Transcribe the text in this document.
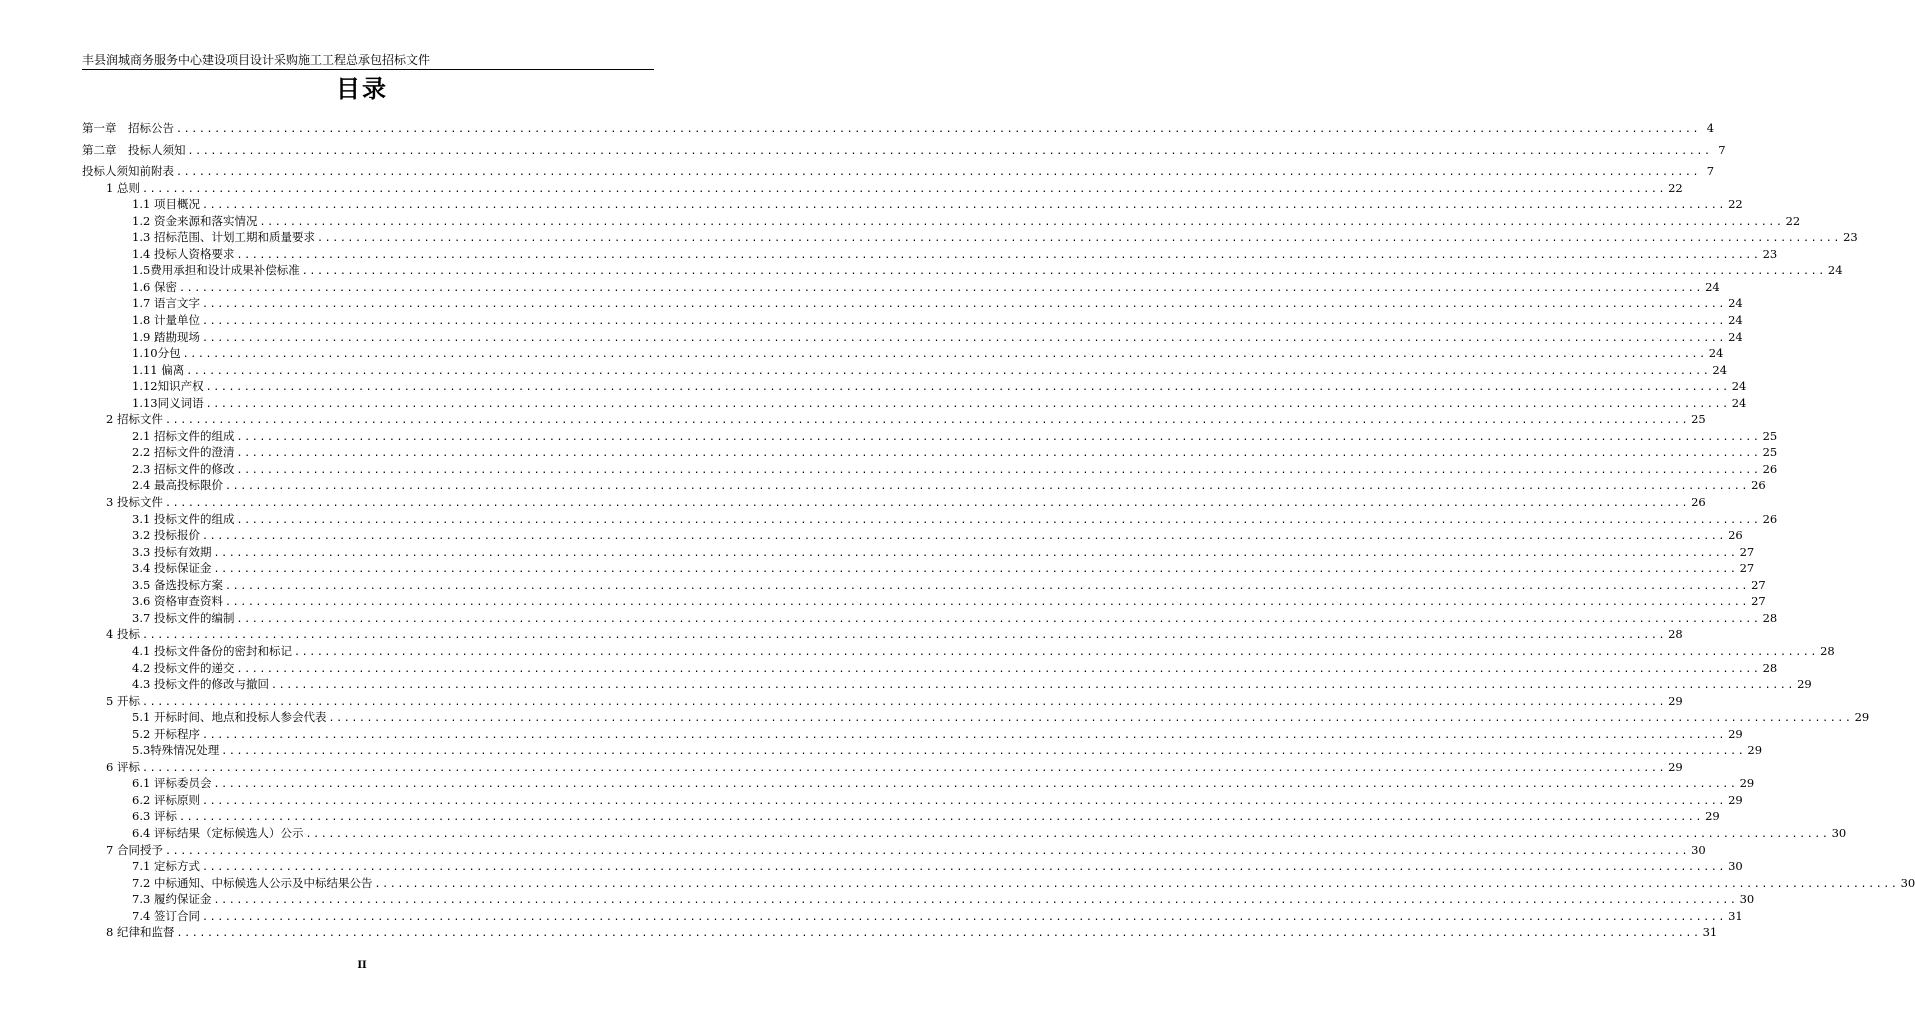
丰县润城商务服务中心建设项目设计采购施工工程总承包招标文件
目录
第一章　招标公告 ........................................................................................................................................................................................................ 4
第二章　投标人须知 ........................................................................................................................................................................................................ 7
投标人须知前附表 ........................................................................................................................................................................................................ 7
1 总则 ........................................................................................................................................................................................................ 22
1.1 项目概况 ........................................................................................................................................................................................................ 22
1.2 资金来源和落实情况 ........................................................................................................................................................................................................ 22
1.3 招标范围、计划工期和质量要求 ........................................................................................................................................................................................................ 23
1.4 投标人资格要求 ........................................................................................................................................................................................................ 23
1.5费用承担和设计成果补偿标准 ........................................................................................................................................................................................................ 24
1.6 保密 ........................................................................................................................................................................................................ 24
1.7 语言文字 ........................................................................................................................................................................................................ 24
1.8 计量单位 ........................................................................................................................................................................................................ 24
1.9 踏勘现场 ........................................................................................................................................................................................................ 24
1.10分包 ........................................................................................................................................................................................................ 24
1.11 偏离 ........................................................................................................................................................................................................ 24
1.12知识产权 ........................................................................................................................................................................................................ 24
1.13同义词语 ........................................................................................................................................................................................................ 24
2 招标文件 ........................................................................................................................................................................................................ 25
2.1 招标文件的组成 ........................................................................................................................................................................................................ 25
2.2 招标文件的澄清 ........................................................................................................................................................................................................ 25
2.3 招标文件的修改 ........................................................................................................................................................................................................ 26
2.4 最高投标限价 ........................................................................................................................................................................................................ 26
3 投标文件 ........................................................................................................................................................................................................ 26
3.1 投标文件的组成 ........................................................................................................................................................................................................ 26
3.2 投标报价 ........................................................................................................................................................................................................ 26
3.3 投标有效期 ........................................................................................................................................................................................................ 27
3.4 投标保证金 ........................................................................................................................................................................................................ 27
3.5 备选投标方案 ........................................................................................................................................................................................................ 27
3.6 资格审查资料 ........................................................................................................................................................................................................ 27
3.7 投标文件的编制 ........................................................................................................................................................................................................ 28
4 投标 ........................................................................................................................................................................................................ 28
4.1 投标文件备份的密封和标记 ........................................................................................................................................................................................................ 28
4.2 投标文件的递交 ........................................................................................................................................................................................................ 28
4.3 投标文件的修改与撤回 ........................................................................................................................................................................................................ 29
5 开标 ........................................................................................................................................................................................................ 29
5.1 开标时间、地点和投标人参会代表 ........................................................................................................................................................................................................ 29
5.2 开标程序 ........................................................................................................................................................................................................ 29
5.3特殊情况处理 ........................................................................................................................................................................................................ 29
6 评标 ........................................................................................................................................................................................................ 29
6.1 评标委员会 ........................................................................................................................................................................................................ 29
6.2 评标原则 ........................................................................................................................................................................................................ 29
6.3 评标 ........................................................................................................................................................................................................ 29
6.4 评标结果（定标候选人）公示 ........................................................................................................................................................................................................ 30
7 合同授予 ........................................................................................................................................................................................................ 30
7.1 定标方式 ........................................................................................................................................................................................................ 30
7.2 中标通知、中标候选人公示及中标结果公告 ........................................................................................................................................................................................................ 30
7.3 履约保证金 ........................................................................................................................................................................................................ 30
7.4 签订合同 ........................................................................................................................................................................................................ 31
8 纪律和监督 ........................................................................................................................................................................................................ 31
II
